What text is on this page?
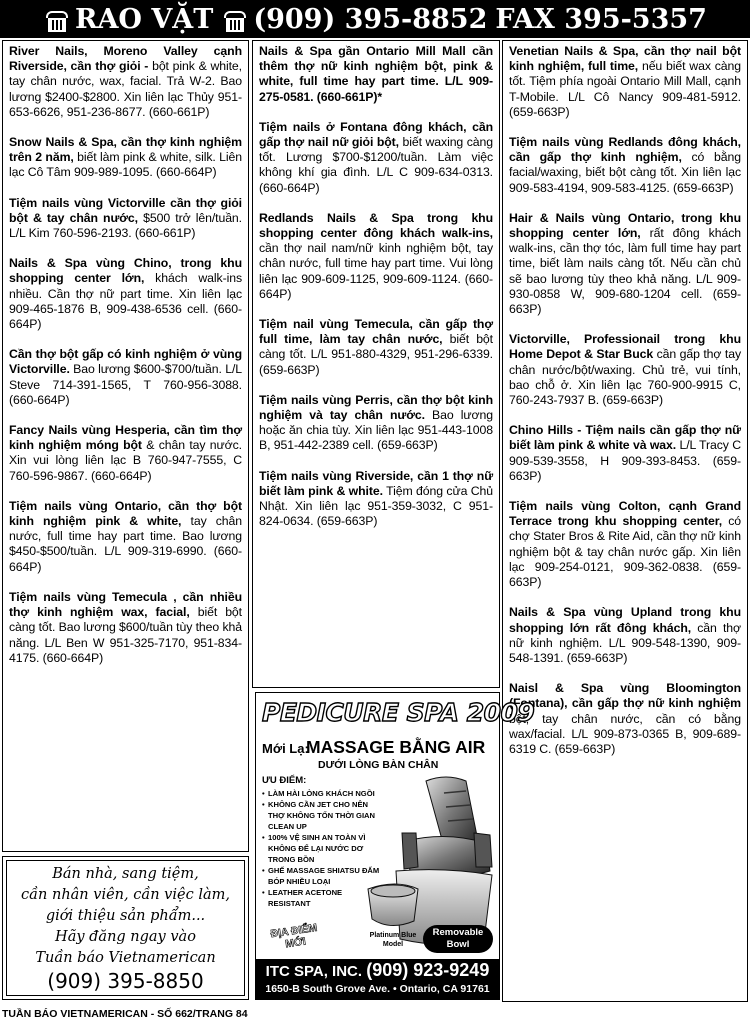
RAO VẶT (909) 395-8852 FAX 395-5357

River Nails, Moreno Valley cạnh Riverside, cần thợ giỏi - bột pink & white, tay chân nước, wax, facial. Trả W-2. Bao lương $2400-$2800. Xin liên lạc Thủy 951-653-6626, 951-236-8677. (660-661P)

Snow Nails & Spa, cần thợ kinh nghiệm trên 2 năm, biết làm pink & white, silk. Liên lạc Cô Tâm 909-989-1095. (660-664P)

Tiệm nails vùng Victorville cần thợ giỏi bột & tay chân nước, $500 trở lên/tuần. L/L Kim 760-596-2193. (660-661P)

Nails & Spa vùng Chino, trong khu shopping center lớn, khách walk-ins nhiều. Cần thợ nữ part time. Xin liên lạc 909-465-1876 B, 909-438-6536 cell. (660-664P)

Cần thợ bột gấp có kinh nghiệm ở vùng Victorville. Bao lương $600-$700/tuần. L/L Steve 714-391-1565, T 760-956-3088. (660-664P)

Fancy Nails vùng Hesperia, cần tìm thợ kinh nghiệm móng bột & chân tay nước. Xin vui lòng liên lạc B 760-947-7555, C 760-596-9867. (660-664P)

Tiệm nails vùng Ontario, cần thợ bột kinh nghiệm pink & white, tay chân nước, full time hay part time. Bao lương $450-$500/tuần. L/L 909-319-6990. (660-664P)

Tiệm nails vùng Temecula , cần nhiều thợ kinh nghiệm wax, facial, biết bột càng tốt. Bao lương $600/tuần tùy theo khả năng. L/L Ben W 951-325-7170, 951-834-4175. (660-664P)

Nails & Spa gần Ontario Mill Mall cần thêm thợ nữ kinh nghiệm bột, pink & white, full time hay part time. L/L 909-275-0581. (660-661P)*

Tiệm nails ở Fontana đông khách, cần gấp thợ nail nữ giỏi bột, biết waxing càng tốt. Lương $700-$1200/tuần. Làm việc không khí gia đình. L/L C 909-634-0313. (660-664P)

Redlands Nails & Spa trong khu shopping center đông khách walk-ins, cần thợ nail nam/nữ kinh nghiệm bột, tay chân nước, full time hay part time. Vui lòng liên lạc 909-609-1125, 909-609-1124. (660-664P)

Tiệm nail vùng Temecula, cần gấp thợ full time, làm tay chân nước, biết bột càng tốt. L/L 951-880-4329, 951-296-6339. (659-663P)

Tiệm nails vùng Perris, cần thợ bột kinh nghiệm và tay chân nước. Bao lương hoặc ăn chia tùy. Xin liên lạc 951-443-1008 B, 951-442-2389 cell. (659-663P)

Tiệm nails vùng Riverside, cần 1 thợ nữ biết làm pink & white. Tiệm đóng cửa Chủ Nhật. Xin liên lạc 951-359-3032, C 951-824-0634. (659-663P)

Venetian Nails & Spa, cần thợ nail bột kinh nghiệm, full time, nếu biết wax càng tốt. Tiệm phía ngoài Ontario Mill Mall, cạnh T-Mobile. L/L Cô Nancy 909-481-5912. (659-663P)

Tiệm nails vùng Redlands đông khách, cần gấp thợ kinh nghiệm, có bằng facial/waxing, biết bột càng tốt. Xin liên lạc 909-583-4194, 909-583-4125. (659-663P)

Hair & Nails vùng Ontario, trong khu shopping center lớn, rất đông khách walk-ins, cần thợ tóc, làm full time hay part time, biết làm nails càng tốt. Nếu cần chủ sẽ bao lương tùy theo khả năng. L/L 909-930-0858 W, 909-680-1204 cell. (659-663P)

Victorville, Professionail trong khu Home Depot & Star Buck cần gấp thợ tay chân nước/bột/waxing. Chủ trẻ, vui tính, bao chỗ ở. Xin liên lạc 760-900-9915 C, 760-243-7937 B. (659-663P)

Chino Hills - Tiệm nails cần gấp thợ nữ biết làm pink & white và wax. L/L Tracy C 909-539-3558, H 909-393-8453. (659-663P)

Tiệm nails vùng Colton, cạnh Grand Terrace trong khu shopping center, có chợ Stater Bros & Rite Aid, cần thợ nữ kinh nghiệm bột & tay chân nước gấp. Xin liên lạc 909-254-0121, 909-362-0838. (659-663P)

Nails & Spa vùng Upland trong khu shopping lớn rất đông khách, cần thợ nữ kinh nghiệm. L/L 909-548-1390, 909-548-1391. (659-663P)

Naisl & Spa vùng Bloomington (Fontana), cần gấp thợ nữ kinh nghiệm bột, tay chân nước, cần có bằng wax/facial. L/L 909-873-0365 B, 909-689-6319 C. (659-663P)

Bán nhà, sang tiệm,
cần nhân viên, cần việc làm,
giới thiệu sản phẩm...
Hãy đăng ngay vào
Tuần báo Vietnamerican
(909) 395-8850
PEDICURE SPA 2009
Mới Lạ:
MASSAGE BẰNG AIR
DƯỚI LÒNG BÀN CHÂN
ƯU ĐIỂM:
• LÀM HÀI LÒNG KHÁCH NGỒI
• KHÔNG CẦN JET CHO NÊN THỢ KHÔNG TỐN THỜI GIAN CLEAN UP
• 100% VỆ SINH AN TOÀN VÌ KHÔNG ĐỂ LẠI NƯỚC DƠ TRONG BỒN
• GHẾ MASSAGE SHIATSU ĐẤM BÓP NHIỀU LOẠI
• LEATHER ACETONE RESISTANT
ĐỊA ĐIỂM MỚI
Platinum Blue Model
Removable Bowl
ITC SPA, INC. (909) 923-9249
1650-B South Grove Ave. • Ontario, CA 91761
TUẦN BÁO VIETNAMERICAN - SỐ 662/TRANG 84
